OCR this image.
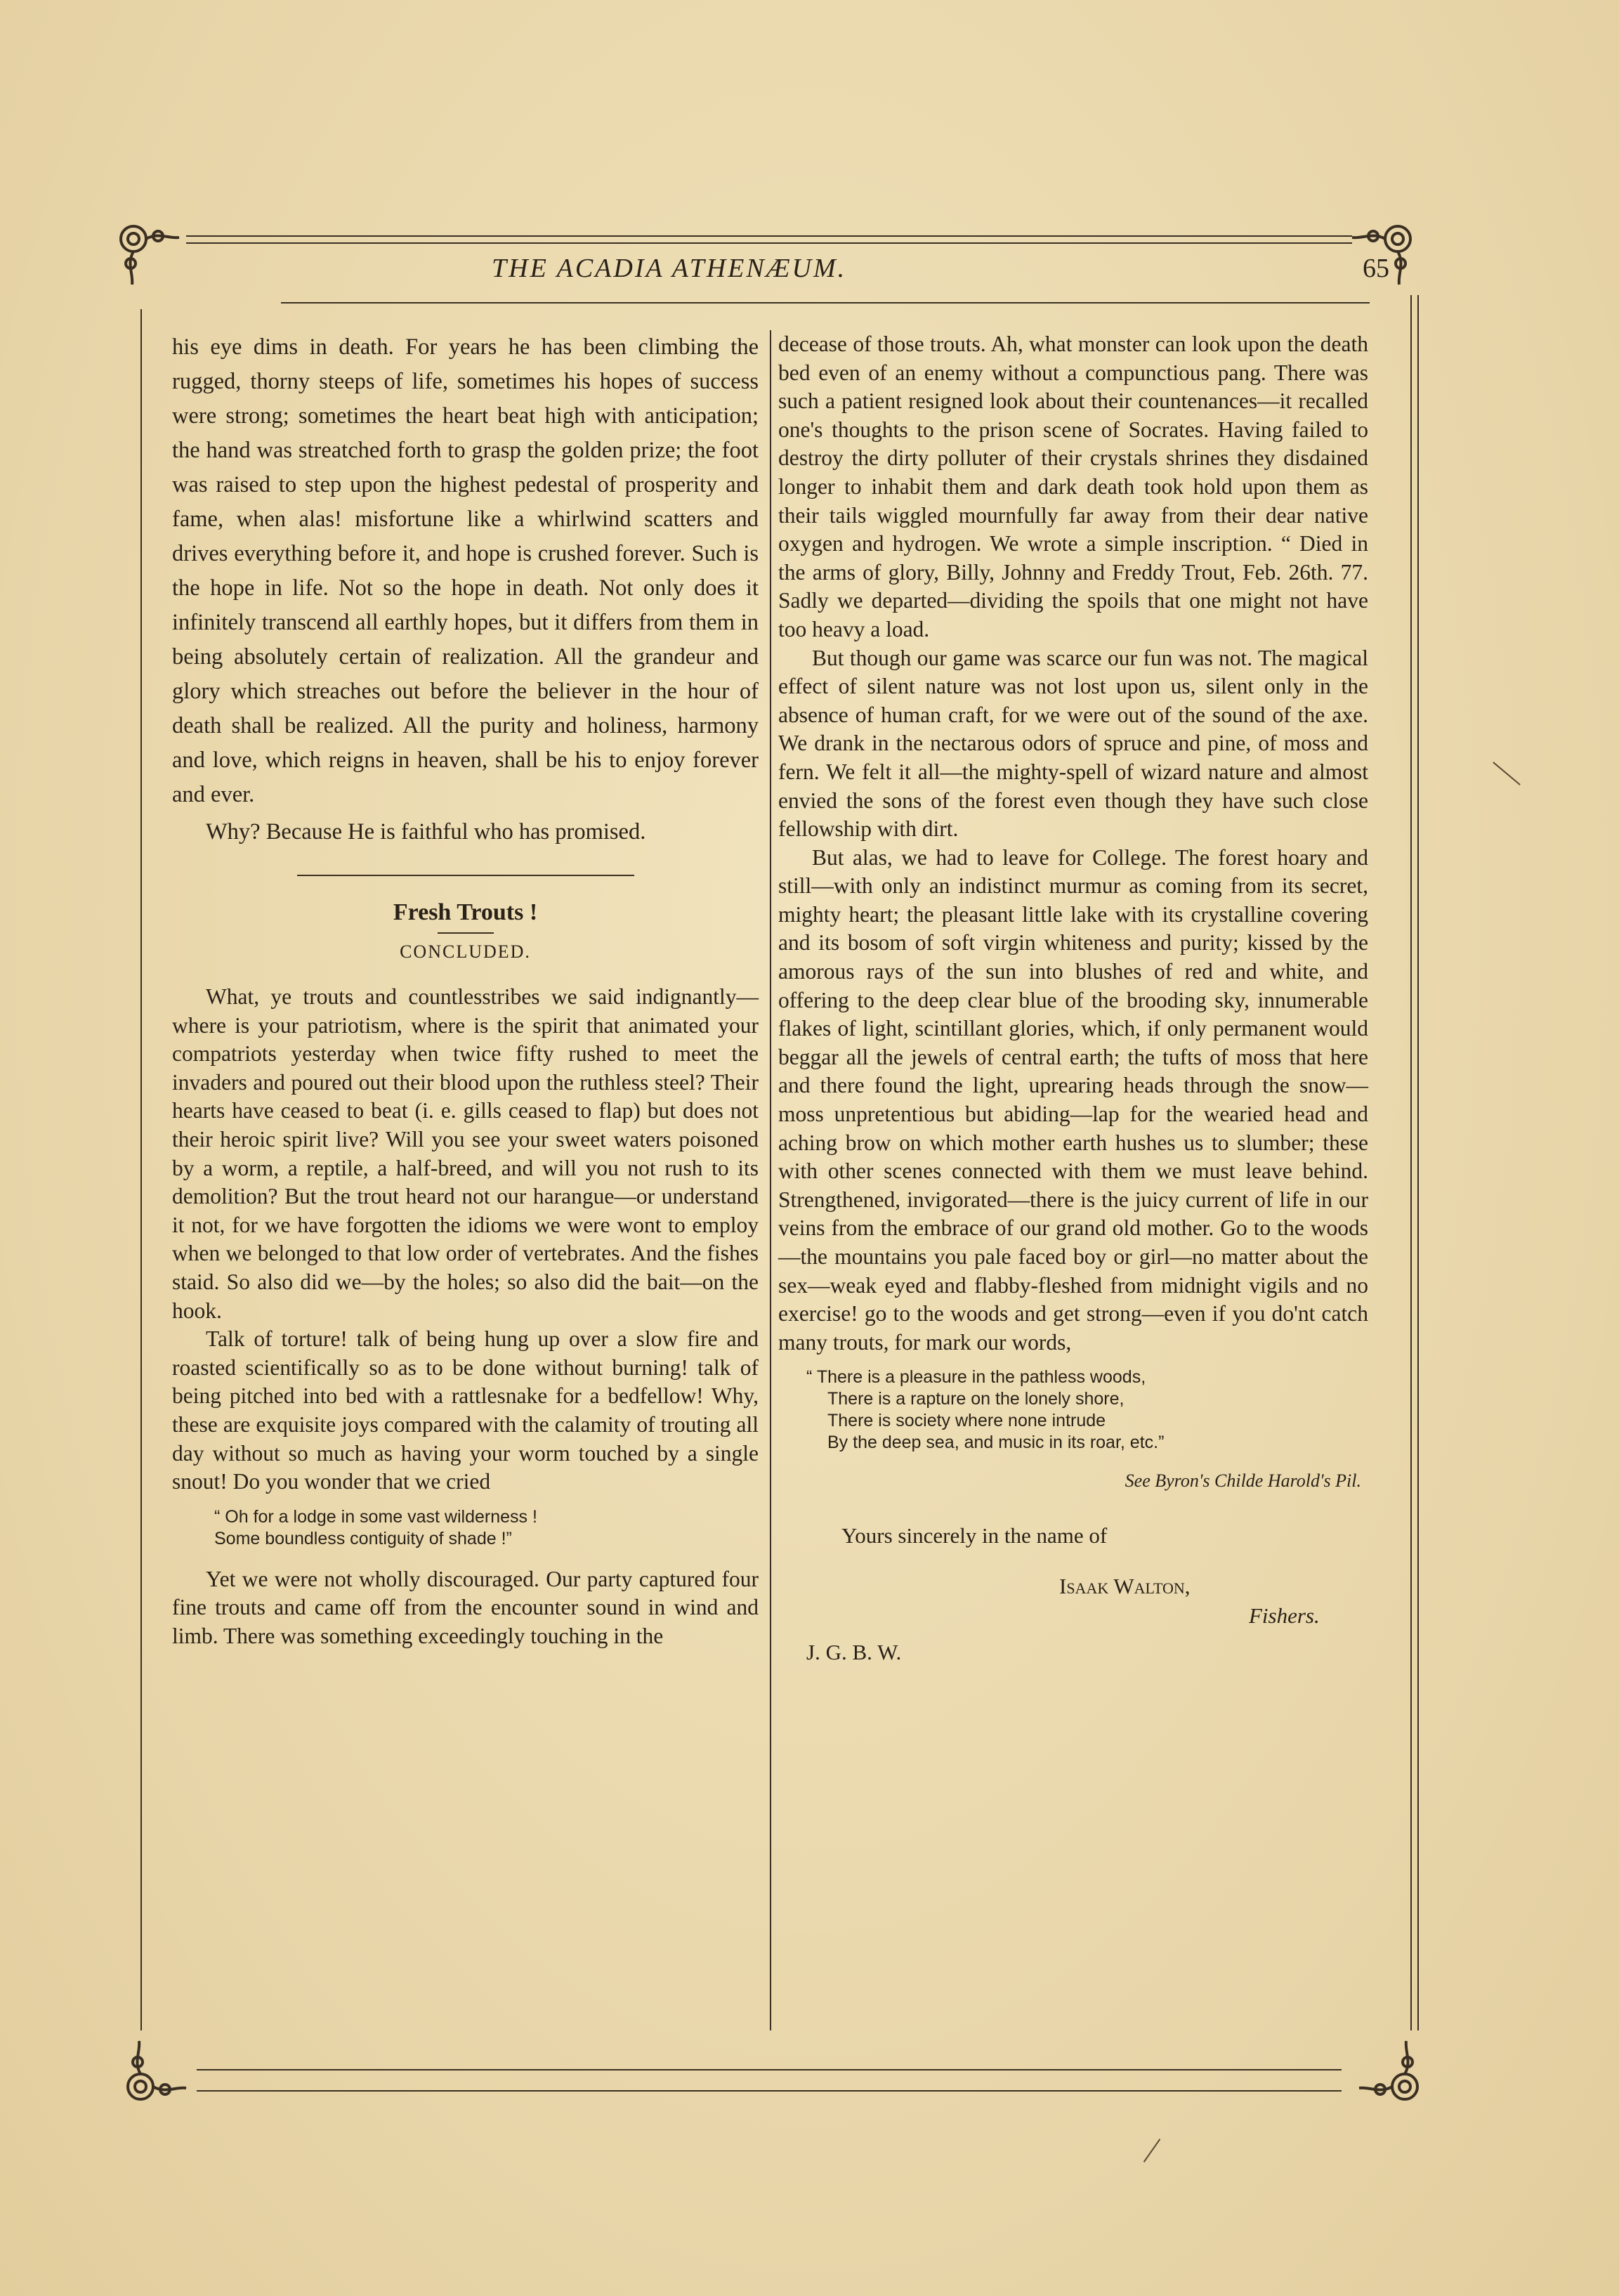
THE ACADIA ATHENÆUM.	65

his eye dims in death. For years he has been climbing the rugged, thorny steeps of life, sometimes his hopes of success were strong; sometimes the heart beat high with anticipation; the hand was streatched forth to grasp the golden prize; the foot was raised to step upon the highest pedestal of prosperity and fame, when alas! misfortune like a whirlwind scatters and drives everything before it, and hope is crushed forever. Such is the hope in life. Not so the hope in death. Not only does it infinitely transcend all earthly hopes, but it differs from them in being absolutely certain of realization. All the grandeur and glory which streaches out before the believer in the hour of death shall be realized. All the purity and holiness, harmony and love, which reigns in heaven, shall be his to enjoy forever and ever.

Why? Because He is faithful who has promised.

Fresh Trouts !
CONCLUDED.

What, ye trouts and countlesstribes we said indignantly—where is your patriotism, where is the spirit that animated your compatriots yesterday when twice fifty rushed to meet the invaders and poured out their blood upon the ruthless steel? Their hearts have ceased to beat (i. e. gills ceased to flap) but does not their heroic spirit live? Will you see your sweet waters poisoned by a worm, a reptile, a half-breed, and will you not rush to its demolition? But the trout heard not our harangue—or understand it not, for we have forgotten the idioms we were wont to employ when we belonged to that low order of vertebrates. And the fishes staid. So also did we—by the holes; so also did the bait—on the hook.

Talk of torture! talk of being hung up over a slow fire and roasted scientifically so as to be done without burning! talk of being pitched into bed with a rattlesnake for a bedfellow! Why, these are exquisite joys compared with the calamity of trouting all day without so much as having your worm touched by a single snout! Do you wonder that we cried

“ Oh for a lodge in some vast wilderness !
Some boundless contiguity of shade !”

Yet we were not wholly discouraged. Our party captured four fine trouts and came off from the encounter sound in wind and limb. There was something exceedingly touching in the

decease of those trouts. Ah, what monster can look upon the death bed even of an enemy without a compunctious pang. There was such a patient resigned look about their countenances—it recalled one's thoughts to the prison scene of Socrates. Having failed to destroy the dirty polluter of their crystals shrines they disdained longer to inhabit them and dark death took hold upon them as their tails wiggled mournfully far away from their dear native oxygen and hydrogen. We wrote a simple inscription. “ Died in the arms of glory, Billy, Johnny and Freddy Trout, Feb. 26th. 77. Sadly we departed—dividing the spoils that one might not have too heavy a load.

But though our game was scarce our fun was not. The magical effect of silent nature was not lost upon us, silent only in the absence of human craft, for we were out of the sound of the axe. We drank in the nectarous odors of spruce and pine, of moss and fern. We felt it all—the mighty-spell of wizard nature and almost envied the sons of the forest even though they have such close fellowship with dirt.

But alas, we had to leave for College. The forest hoary and still—with only an indistinct murmur as coming from its secret, mighty heart; the pleasant little lake with its crystalline covering and its bosom of soft virgin whiteness and purity; kissed by the amorous rays of the sun into blushes of red and white, and offering to the deep clear blue of the brooding sky, innumerable flakes of light, scintillant glories, which, if only permanent would beggar all the jewels of central earth; the tufts of moss that here and there found the light, uprearing heads through the snow—moss unpretentious but abiding—lap for the wearied head and aching brow on which mother earth hushes us to slumber; these with other scenes connected with them we must leave behind. Strengthened, invigorated—there is the juicy current of life in our veins from the embrace of our grand old mother. Go to the woods—the mountains you pale faced boy or girl—no matter about the sex—weak eyed and flabby-fleshed from midnight vigils and no exercise! go to the woods and get strong—even if you do'nt catch many trouts, for mark our words,

“ There is a pleasure in the pathless woods,
There is a rapture on the lonely shore,
There is society where none intrude
By the deep sea, and music in its roar, etc.”
See Byron's Childe Harold's Pil.
Yours sincerely in the name of
Isaak Walton,
Fishers.
J. G. B. W.
